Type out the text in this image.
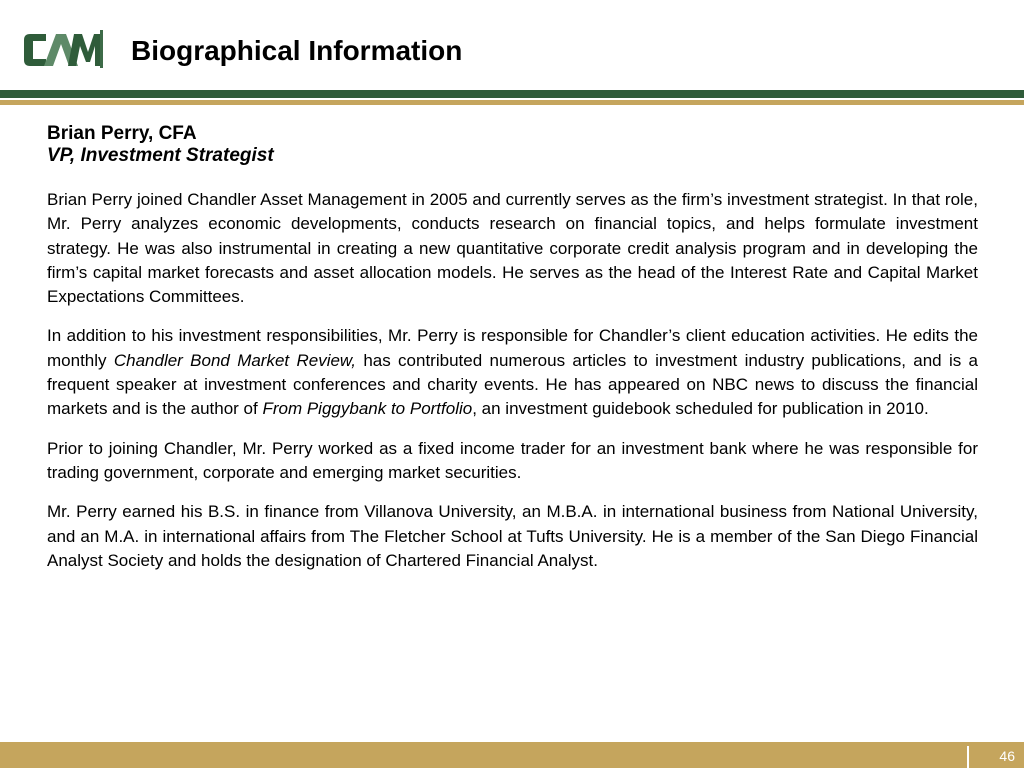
Biographical Information
Brian Perry, CFA
VP, Investment Strategist

Brian Perry joined Chandler Asset Management in 2005 and currently serves as the firm’s investment strategist. In that role, Mr. Perry analyzes economic developments, conducts research on financial topics, and helps formulate investment strategy. He was also instrumental in creating a new quantitative corporate credit analysis program and in developing the firm’s capital market forecasts and asset allocation models. He serves as the head of the Interest Rate and Capital Market Expectations Committees.

In addition to his investment responsibilities, Mr. Perry is responsible for Chandler’s client education activities. He edits the monthly Chandler Bond Market Review, has contributed numerous articles to investment industry publications, and is a frequent speaker at investment conferences and charity events. He has appeared on NBC news to discuss the financial markets and is the author of From Piggybank to Portfolio, an investment guidebook scheduled for publication in 2010.

Prior to joining Chandler, Mr. Perry worked as a fixed income trader for an investment bank where he was responsible for trading government, corporate and emerging market securities.

Mr. Perry earned his B.S. in finance from Villanova University, an M.B.A. in international business from National University, and an M.A. in international affairs from The Fletcher School at Tufts University. He is a member of the San Diego Financial Analyst Society and holds the designation of Chartered Financial Analyst.

46
